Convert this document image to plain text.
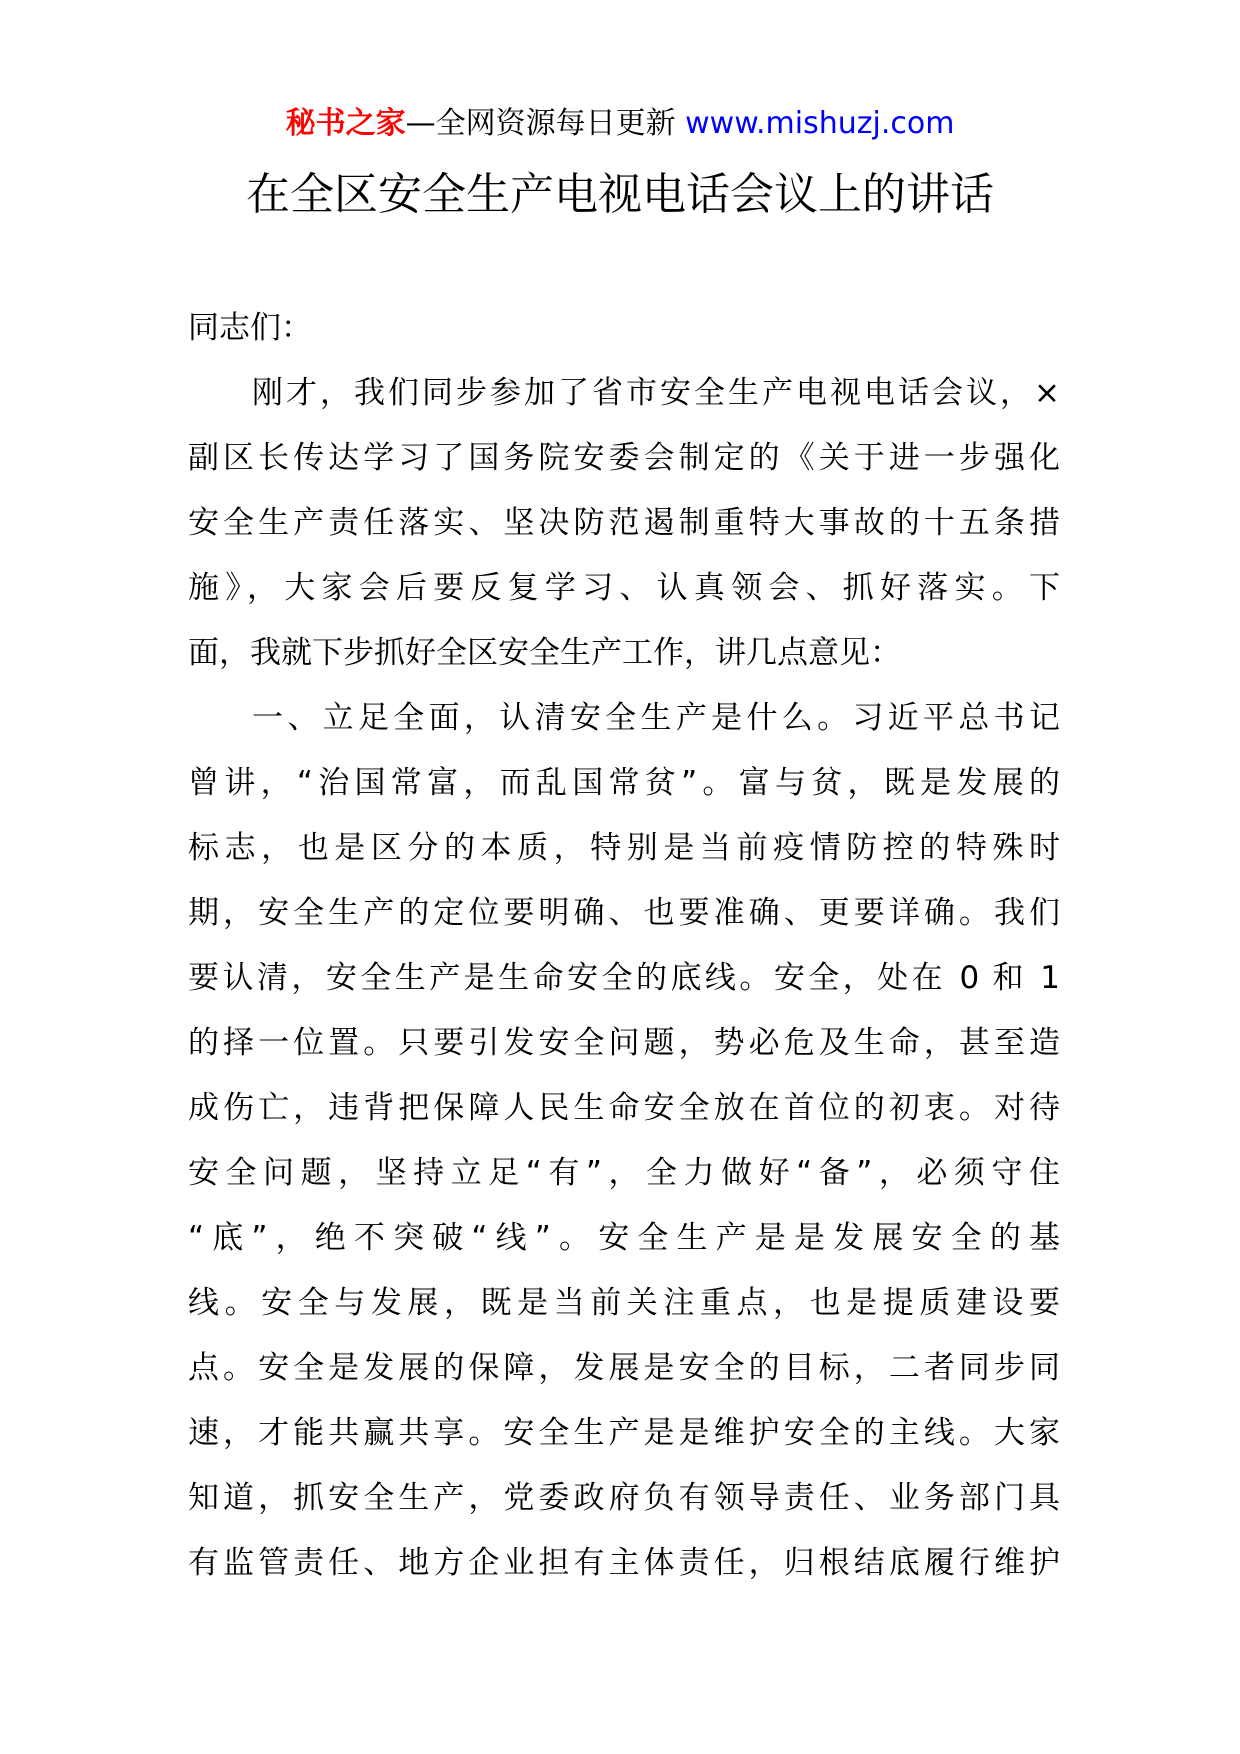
秘书之家—全网资源每日更新 www.mishuzj.com
在全区安全生产电视电话会议上的讲话
同志们：
刚才，我们同步参加了省市安全生产电视电话会议，×
副区长传达学习了国务院安委会制定的《关于进一步强化
安全生产责任落实、坚决防范遏制重特大事故的十五条措
施》，大家会后要反复学习、认真领会、抓好落实。下
面，我就下步抓好全区安全生产工作，讲几点意见：
一、立足全面，认清安全生产是什么。习近平总书记
曾讲，“治国常富，而乱国常贫”。富与贫，既是发展的
标志，也是区分的本质，特别是当前疫情防控的特殊时
期，安全生产的定位要明确、也要准确、更要详确。我们
要认清，安全生产是生命安全的底线。安全，处在 0 和 1
的择一位置。只要引发安全问题，势必危及生命，甚至造
成伤亡，违背把保障人民生命安全放在首位的初衷。对待
安全问题，坚持立足“有”，全力做好“备”，必须守住
“底”，绝不突破“线”。安全生产是是发展安全的基
线。安全与发展，既是当前关注重点，也是提质建设要
点。安全是发展的保障，发展是安全的目标，二者同步同
速，才能共赢共享。安全生产是是维护安全的主线。大家
知道，抓安全生产，党委政府负有领导责任、业务部门具
有监管责任、地方企业担有主体责任，归根结底履行维护
